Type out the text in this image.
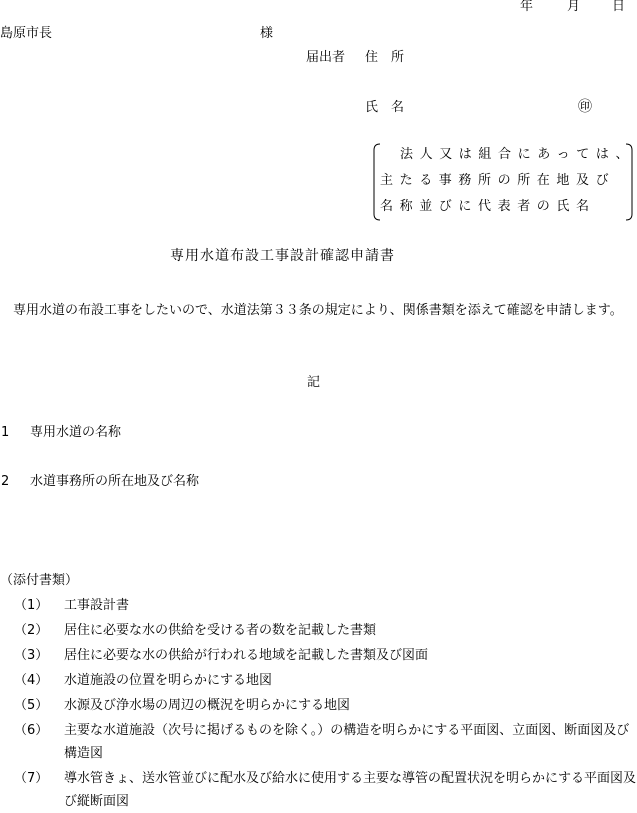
年	月 日
島原市長	様
届出者 住　所
氏　名	㊞
法人又は組合にあっては、
主たる事務所の所在地及び
名称並びに代表者の氏名
専用水道布設工事設計確認申請書
専用水道の布設工事をしたいので、水道法第３３条の規定により、関係書類を添えて確認を申請します。
記
1 専用水道の名称
2 水道事務所の所在地及び名称
（添付書類）
（1） 工事設計書
（2） 居住に必要な水の供給を受ける者の数を記載した書類
（3） 居住に必要な水の供給が行われる地域を記載した書類及び図面
（4） 水道施設の位置を明らかにする地図
（5） 水源及び浄水場の周辺の概況を明らかにする地図
（6） 主要な水道施設（次号に掲げるものを除く。）の構造を明らかにする平面図、立面図、断面図及び構造図
（7） 導水管きょ、送水管並びに配水及び給水に使用する主要な導管の配置状況を明らかにする平面図及び縦断面図
